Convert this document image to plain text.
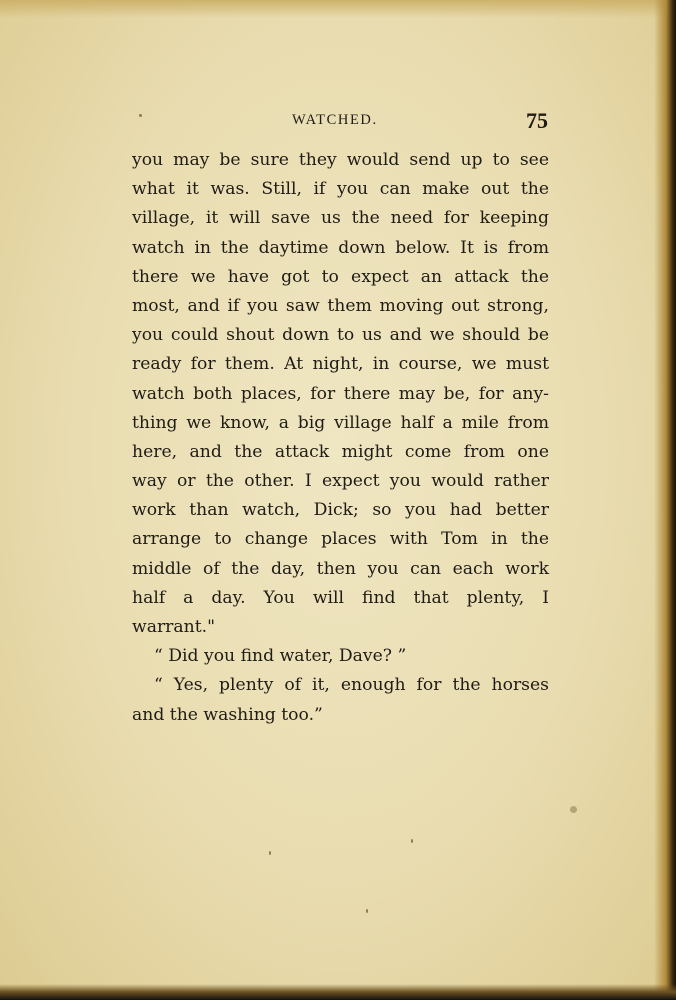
WATCHED.	75
you may be sure they would send up to see
what it was. Still, if you can make out the
village, it will save us the need for keeping
watch in the daytime down below. It is from
there we have got to expect an attack the
most, and if you saw them moving out strong,
you could shout down to us and we should be
ready for them. At night, in course, we must
watch both places, for there may be, for any-
thing we know, a big village half a mile from
here, and the attack might come from one
way or the other. I expect you would rather
work than watch, Dick; so you had better
arrange to change places with Tom in the
middle of the day, then you can each work
half a day. You will find that plenty, I
warrant."
“ Did you find water, Dave? ”
“ Yes, plenty of it, enough for the horses
and the washing too.”
